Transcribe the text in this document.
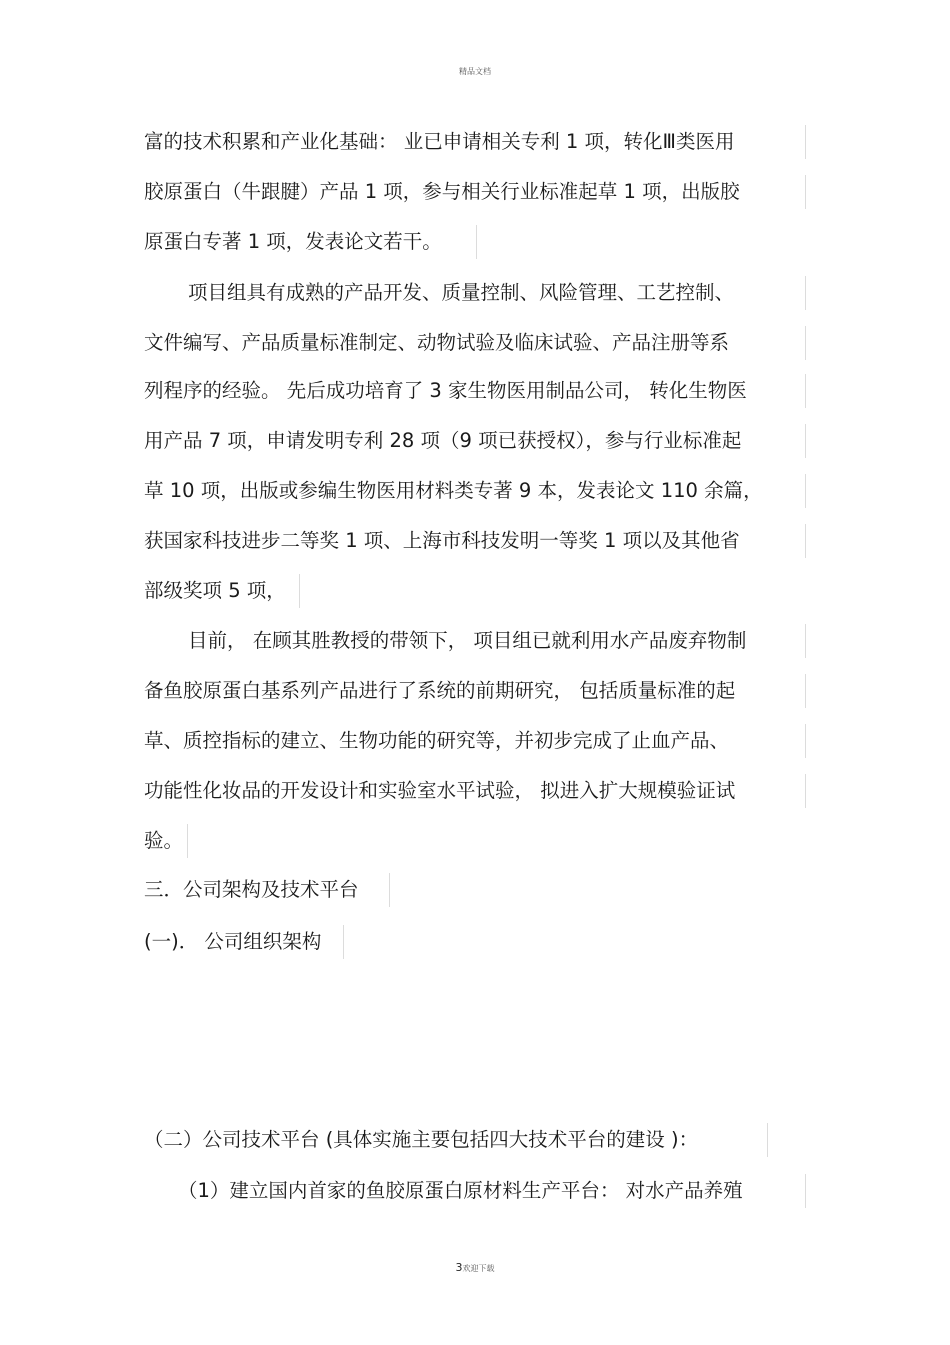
精品文档
富的技术积累和产业化基础： 业已申请相关专利 1 项，转化Ⅲ类医用
胶原蛋白（牛跟腱）产品 1 项，参与相关行业标准起草 1 项，出版胶
原蛋白专著 1 项，发表论文若干。
项目组具有成熟的产品开发、质量控制、风险管理、工艺控制、
文件编写、产品质量标准制定、动物试验及临床试验、产品注册等系
列程序的经验。 先后成功培育了 3 家生物医用制品公司， 转化生物医
用产品 7 项，申请发明专利 28 项（9 项已获授权），参与行业标准起
草 10 项，出版或参编生物医用材料类专著 9 本，发表论文 110 余篇，
获国家科技进步二等奖 1 项、上海市科技发明一等奖 1 项以及其他省
部级奖项 5 项，
目前， 在顾其胜教授的带领下， 项目组已就利用水产品废弃物制
备鱼胶原蛋白基系列产品进行了系统的前期研究， 包括质量标准的起
草、质控指标的建立、生物功能的研究等，并初步完成了止血产品、
功能性化妆品的开发设计和实验室水平试验， 拟进入扩大规模验证试
验。
三．公司架构及技术平台
(一)． 公司组织架构
（二）公司技术平台 (具体实施主要包括四大技术平台的建设 )：
（1）建立国内首家的鱼胶原蛋白原材料生产平台： 对水产品养殖
3欢迎下载
